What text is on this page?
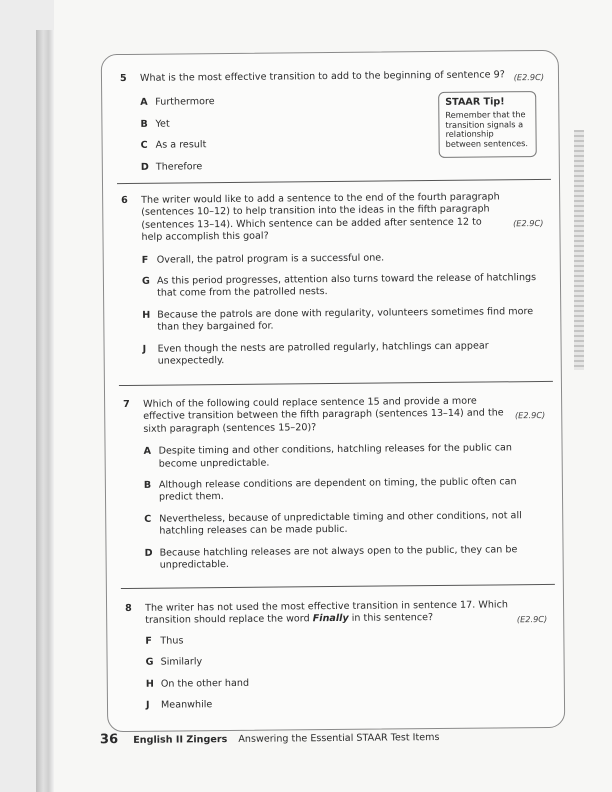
5	(E2.9C)
What is the most effective transition to add to the beginning of sentence 9?
A Furthermore
B Yet
C As a result
D Therefore
STAAR Tip!
Remember that the transition signals a relationship between sentences.
6
(E2.9C)
The writer would like to add a sentence to the end of the fourth paragraph (sentences 10–12) to help transition into the ideas in the fifth paragraph (sentences 13–14). Which sentence can be added after sentence 12 to help accomplish this goal?
F Overall, the patrol program is a successful one.
G As this period progresses, attention also turns toward the release of hatchlings that come from the patrolled nests.
H Because the patrols are done with regularity, volunteers sometimes find more than they bargained for.
J Even though the nests are patrolled regularly, hatchlings can appear unexpectedly.
7
(E2.9C)
Which of the following could replace sentence 15 and provide a more effective transition between the fifth paragraph (sentences 13–14) and the sixth paragraph (sentences 15–20)?
A Despite timing and other conditions, hatchling releases for the public can become unpredictable.
B Although release conditions are dependent on timing, the public often can predict them.
C Nevertheless, because of unpredictable timing and other conditions, not all hatchling releases can be made public.
D Because hatchling releases are not always open to the public, they can be unpredictable.
8
(E2.9C)
The writer has not used the most effective transition in sentence 17. Which transition should replace the word Finally in this sentence?
F Thus
G Similarly
H On the other hand
J Meanwhile
36 English II Zingers Answering the Essential STAAR Test Items
